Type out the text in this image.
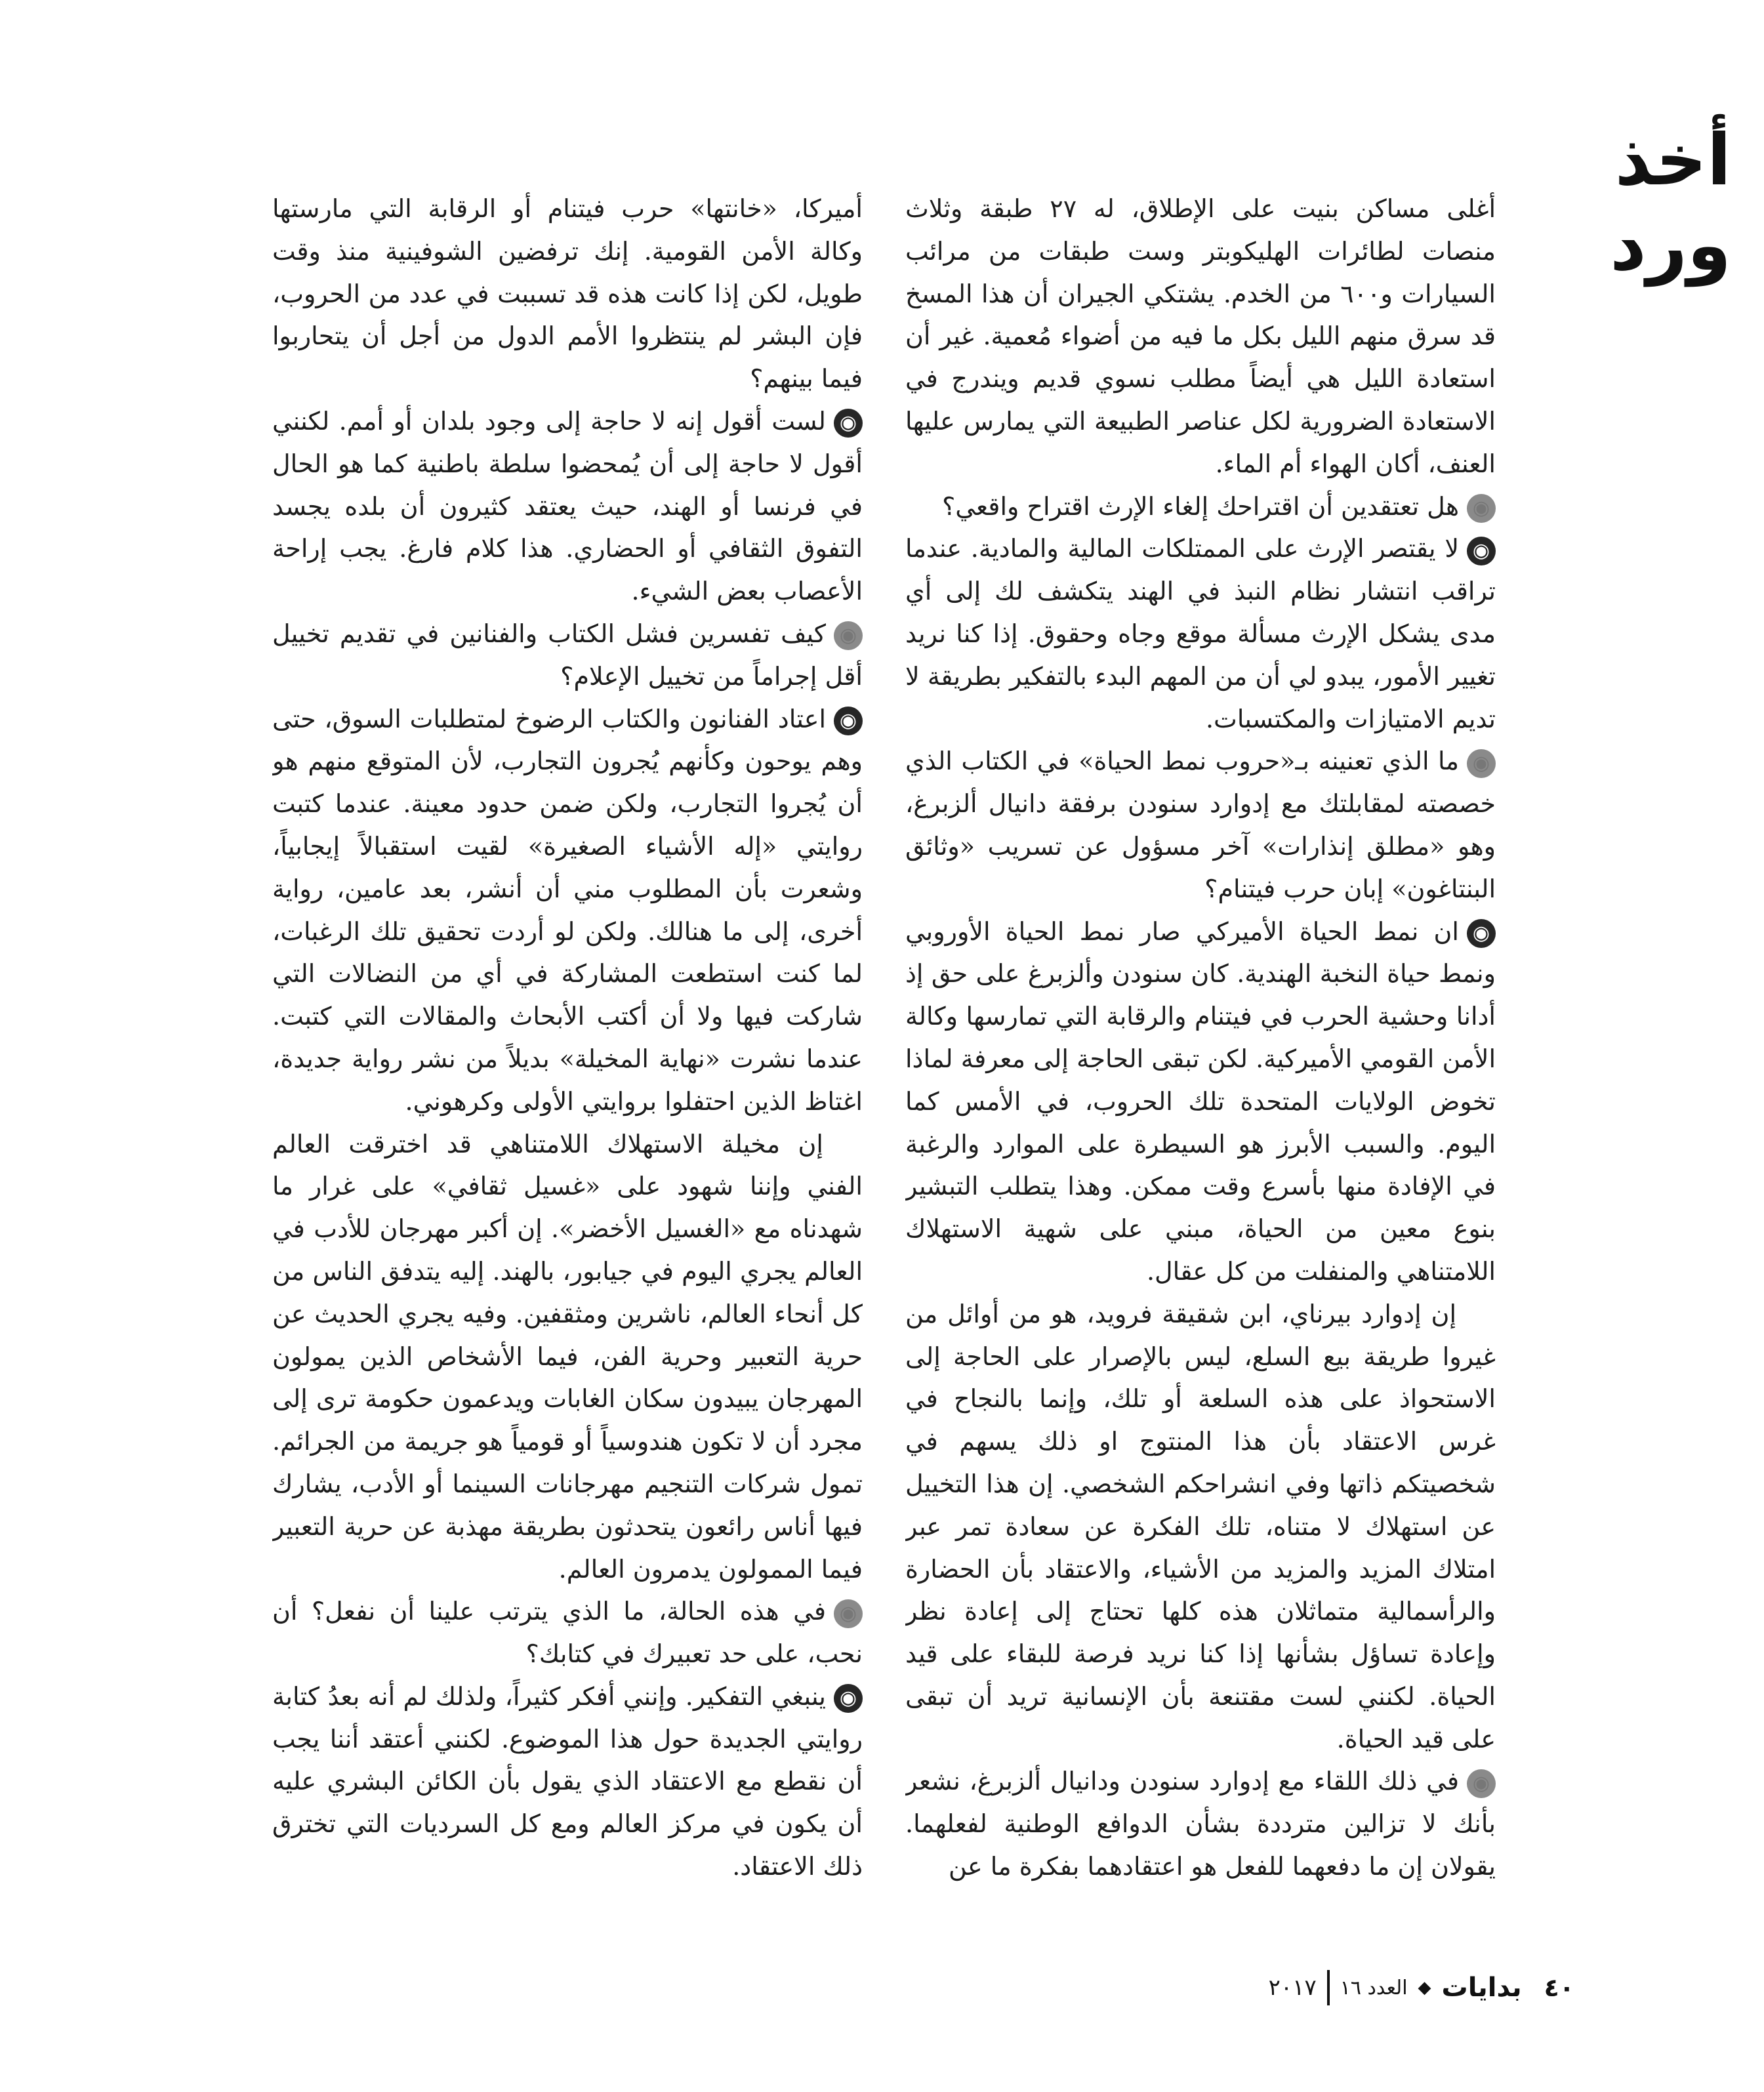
أخذ ورد

أغلى مساكن بنيت على الإطلاق، له ٢٧ طبقة وثلاث منصات لطائرات الهليكوبتر وست طبقات من مرائب السيارات و٦٠٠ من الخدم. يشتكي الجيران أن هذا المسخ قد سرق منهم الليل بكل ما فيه من أضواء مُعمية. غير أن استعادة الليل هي أيضاً مطلب نسوي قديم ويندرج في الاستعادة الضرورية لكل عناصر الطبيعة التي يمارس عليها العنف، أكان الهواء أم الماء.

◉هل تعتقدين أن اقتراحك إلغاء الإرث اقتراح واقعي؟

◉لا يقتصر الإرث على الممتلكات المالية والمادية. عندما تراقب انتشار نظام النبذ في الهند يتكشف لك إلى أي مدى يشكل الإرث مسألة موقع وجاه وحقوق. إذا كنا نريد تغيير الأمور، يبدو لي أن من المهم البدء بالتفكير بطريقة لا تديم الامتيازات والمكتسبات.

◉ما الذي تعنينه بـ«حروب نمط الحياة» في الكتاب الذي خصصته لمقابلتك مع إدوارد سنودن برفقة دانيال ألزبرغ، وهو «مطلق إنذارات» آخر مسؤول عن تسريب «وثائق البنتاغون» إبان حرب فيتنام؟

◉ان نمط الحياة الأميركي صار نمط الحياة الأوروبي ونمط حياة النخبة الهندية. كان سنودن وألزبرغ على حق إذ أدانا وحشية الحرب في فيتنام والرقابة التي تمارسها وكالة الأمن القومي الأميركية. لكن تبقى الحاجة إلى معرفة لماذا تخوض الولايات المتحدة تلك الحروب، في الأمس كما اليوم. والسبب الأبرز هو السيطرة على الموارد والرغبة في الإفادة منها بأسرع وقت ممكن. وهذا يتطلب التبشير بنوع معين من الحياة، مبني على شهية الاستهلاك اللامتناهي والمنفلت من كل عقال.

إن إدوارد بيرناي، ابن شقيقة فرويد، هو من أوائل من غيروا طريقة بيع السلع، ليس بالإصرار على الحاجة إلى الاستحواذ على هذه السلعة أو تلك، وإنما بالنجاح في غرس الاعتقاد بأن هذا المنتوج او ذلك يسهم في شخصيتكم ذاتها وفي انشراحكم الشخصي. إن هذا التخييل عن استهلاك لا متناه، تلك الفكرة عن سعادة تمر عبر امتلاك المزيد والمزيد من الأشياء، والاعتقاد بأن الحضارة والرأسمالية متماثلان هذه كلها تحتاج إلى إعادة نظر وإعادة تساؤل بشأنها إذا كنا نريد فرصة للبقاء على قيد الحياة. لكنني لست مقتنعة بأن الإنسانية تريد أن تبقى على قيد الحياة.

◉في ذلك اللقاء مع إدوارد سنودن ودانيال ألزبرغ، نشعر بأنك لا تزالين مترددة بشأن الدوافع الوطنية لفعلهما. يقولان إن ما دفعهما للفعل هو اعتقادهما بفكرة ما عن

أميركا، «خانتها» حرب فيتنام أو الرقابة التي مارستها وكالة الأمن القومية. إنك ترفضين الشوفينية منذ وقت طويل، لكن إذا كانت هذه قد تسببت في عدد من الحروب، فإن البشر لم ينتظروا الأمم الدول من أجل أن يتحاربوا فيما بينهم؟

◉لست أقول إنه لا حاجة إلى وجود بلدان أو أمم. لكنني أقول لا حاجة إلى أن يُمحضوا سلطة باطنية كما هو الحال في فرنسا أو الهند، حيث يعتقد كثيرون أن بلده يجسد التفوق الثقافي أو الحضاري. هذا كلام فارغ. يجب إراحة الأعصاب بعض الشيء.

◉كيف تفسرين فشل الكتاب والفنانين في تقديم تخييل أقل إجراماً من تخييل الإعلام؟

◉اعتاد الفنانون والكتاب الرضوخ لمتطلبات السوق، حتى وهم يوحون وكأنهم يُجرون التجارب، لأن المتوقع منهم هو أن يُجروا التجارب، ولكن ضمن حدود معينة. عندما كتبت روايتي «إله الأشياء الصغيرة» لقيت استقبالاً إيجابياً، وشعرت بأن المطلوب مني أن أنشر، بعد عامين، رواية أخرى، إلى ما هنالك. ولكن لو أردت تحقيق تلك الرغبات، لما كنت استطعت المشاركة في أي من النضالات التي شاركت فيها ولا أن أكتب الأبحاث والمقالات التي كتبت. عندما نشرت «نهاية المخيلة» بديلاً من نشر رواية جديدة، اغتاظ الذين احتفلوا بروايتي الأولى وكرهوني.

إن مخيلة الاستهلاك اللامتناهي قد اخترقت العالم الفني وإننا شهود على «غسيل ثقافي» على غرار ما شهدناه مع «الغسيل الأخضر». إن أكبر مهرجان للأدب في العالم يجري اليوم في جيابور، بالهند. إليه يتدفق الناس من كل أنحاء العالم، ناشرين ومثقفين. وفيه يجري الحديث عن حرية التعبير وحرية الفن، فيما الأشخاص الذين يمولون المهرجان يبيدون سكان الغابات ويدعمون حكومة ترى إلى مجرد أن لا تكون هندوسياً أو قومياً هو جريمة من الجرائم. تمول شركات التنجيم مهرجانات السينما أو الأدب، يشارك فيها أناس رائعون يتحدثون بطريقة مهذبة عن حرية التعبير فيما الممولون يدمرون العالم.

◉في هذه الحالة، ما الذي يترتب علينا أن نفعل؟ أن نحب، على حد تعبيرك في كتابك؟

◉ينبغي التفكير. وإنني أفكر كثيراً، ولذلك لم أنه بعدُ كتابة روايتي الجديدة حول هذا الموضوع. لكنني أعتقد أننا يجب أن نقطع مع الاعتقاد الذي يقول بأن الكائن البشري عليه أن يكون في مركز العالم ومع كل السرديات التي تخترق ذلك الاعتقاد.

٤٠
بدايات
◆
العدد ١٦
٢٠١٧
